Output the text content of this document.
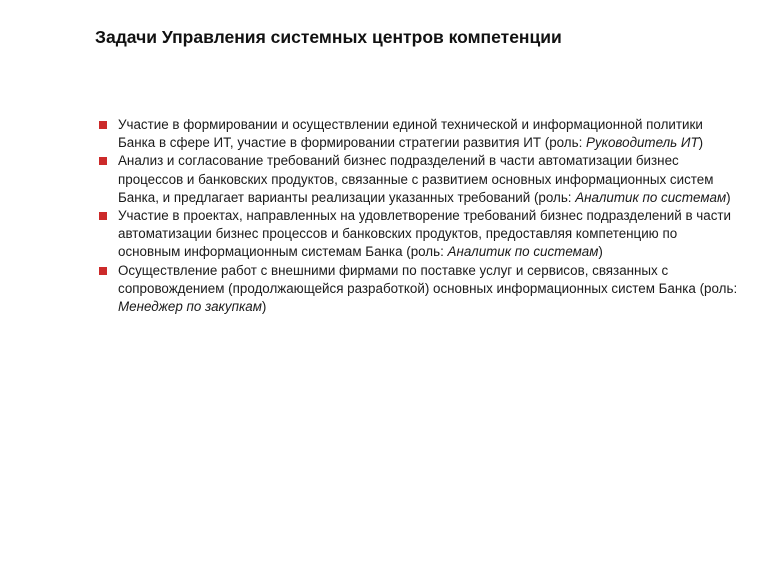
Задачи Управления системных центров компетенции
Участие в формировании и осуществлении единой технической и информационной политики Банка в сфере ИТ, участие в формировании стратегии развития ИТ (роль: Руководитель ИТ)
Анализ и согласование требований бизнес подразделений в части автоматизации бизнес процессов и банковских продуктов, связанные с развитием основных информационных систем Банка, и предлагает варианты реализации указанных требований (роль: Аналитик по системам)
Участие в проектах, направленных на удовлетворение требований бизнес подразделений в части автоматизации бизнес процессов и банковских продуктов, предоставляя компетенцию по основным информационным системам Банка (роль: Аналитик по системам)
Осуществление работ с внешними фирмами по поставке услуг и сервисов, связанных с сопровождением (продолжающейся разработкой) основных информационных систем Банка (роль: Менеджер по закупкам)
